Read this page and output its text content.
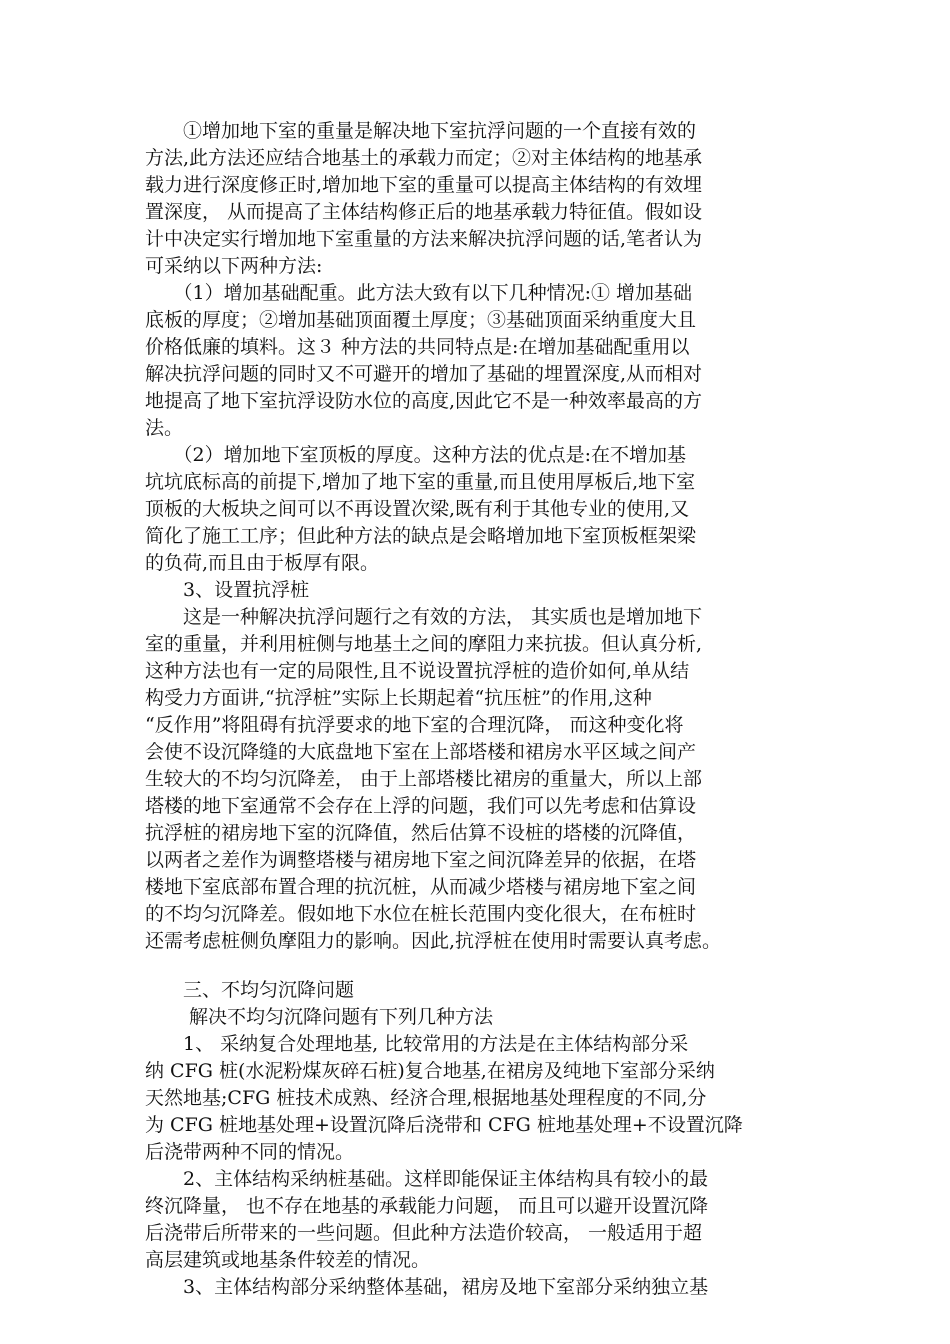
　　①增加地下室的重量是解决地下室抗浮问题的一个直接有效的
方法,此方法还应结合地基土的承载力而定；②对主体结构的地基承
载力进行深度修正时,增加地下室的重量可以提高主体结构的有效埋
置深度， 从而提高了主体结构修正后的地基承载力特征值。假如设
计中决定实行增加地下室重量的方法来解决抗浮问题的话,笔者认为
可采纳以下两种方法:
　　（1）增加基础配重。此方法大致有以下几种情况:① 增加基础
底板的厚度；②增加基础顶面覆土厚度；③基础顶面采纳重度大且
价格低廉的填料。这３ 种方法的共同特点是:在增加基础配重用以
解决抗浮问题的同时又不可避开的增加了基础的埋置深度,从而相对
地提高了地下室抗浮设防水位的高度,因此它不是一种效率最高的方
法。
　　（2）增加地下室顶板的厚度。这种方法的优点是:在不增加基
坑坑底标高的前提下,增加了地下室的重量,而且使用厚板后,地下室
顶板的大板块之间可以不再设置次梁,既有利于其他专业的使用,又
简化了施工工序；但此种方法的缺点是会略增加地下室顶板框架梁
的负荷,而且由于板厚有限。
　　3、设置抗浮桩
　　这是一种解决抗浮问题行之有效的方法， 其实质也是增加地下
室的重量，并利用桩侧与地基土之间的摩阻力来抗拔。但认真分析,
这种方法也有一定的局限性,且不说设置抗浮桩的造价如何,单从结
构受力方面讲,“抗浮桩”实际上长期起着“抗压桩”的作用,这种
“反作用”将阻碍有抗浮要求的地下室的合理沉降， 而这种变化将
会使不设沉降缝的大底盘地下室在上部塔楼和裙房水平区域之间产
生较大的不均匀沉降差， 由于上部塔楼比裙房的重量大，所以上部
塔楼的地下室通常不会存在上浮的问题，我们可以先考虑和估算设
抗浮桩的裙房地下室的沉降值，然后估算不设桩的塔楼的沉降值，
以两者之差作为调整塔楼与裙房地下室之间沉降差异的依据，在塔
楼地下室底部布置合理的抗沉桩，从而减少塔楼与裙房地下室之间
的不均匀沉降差。假如地下水位在桩长范围内变化很大，在布桩时
还需考虑桩侧负摩阻力的影响。因此,抗浮桩在使用时需要认真考虑。
　　三、不均匀沉降问题
　　 解决不均匀沉降问题有下列几种方法
　　1、 采纳复合处理地基, 比较常用的方法是在主体结构部分采
纳 CFG 桩(水泥粉煤灰碎石桩)复合地基,在裙房及纯地下室部分采纳
天然地基;CFG 桩技术成熟、经济合理,根据地基处理程度的不同,分
为 CFG 桩地基处理+设置沉降后浇带和 CFG 桩地基处理+不设置沉降
后浇带两种不同的情况。
　　2、主体结构采纳桩基础。这样即能保证主体结构具有较小的最
终沉降量， 也不存在地基的承载能力问题， 而且可以避开设置沉降
后浇带后所带来的一些问题。但此种方法造价较高， 一般适用于超
高层建筑或地基条件较差的情况。
　　3、主体结构部分采纳整体基础，裙房及地下室部分采纳独立基
